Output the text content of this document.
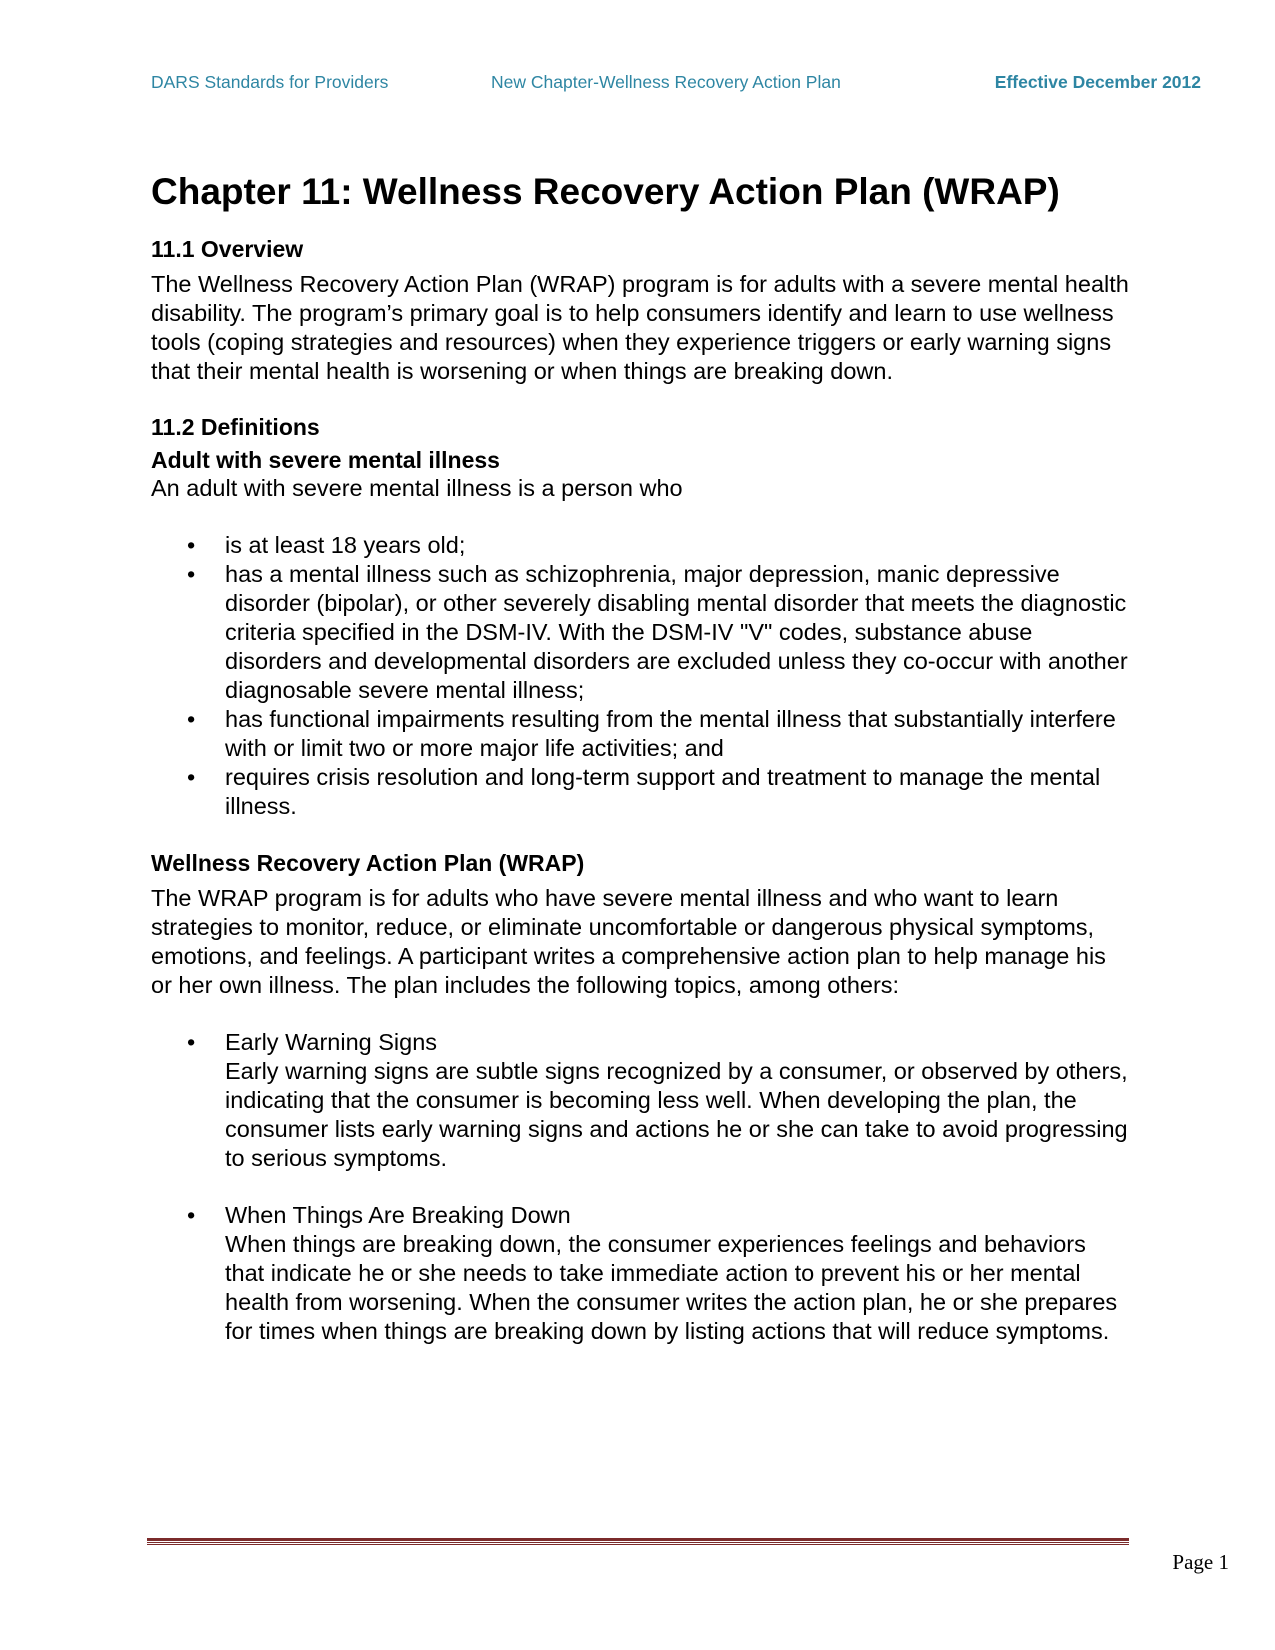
DARS Standards for Providers	New Chapter-Wellness Recovery Action Plan	Effective December 2012
Chapter 11: Wellness Recovery Action Plan (WRAP)
11.1 Overview

The Wellness Recovery Action Plan (WRAP) program is for adults with a severe mental health disability. The program’s primary goal is to help consumers identify and learn to use wellness tools (coping strategies and resources) when they experience triggers or early warning signs that their mental health is worsening or when things are breaking down.

11.2 Definitions
Adult with severe mental illness

An adult with severe mental illness is a person who

• is at least 18 years old;
• has a mental illness such as schizophrenia, major depression, manic depressive disorder (bipolar), or other severely disabling mental disorder that meets the diagnostic criteria specified in the DSM-IV. With the DSM-IV "V" codes, substance abuse disorders and developmental disorders are excluded unless they co-occur with another diagnosable severe mental illness;
• has functional impairments resulting from the mental illness that substantially interfere with or limit two or more major life activities; and
• requires crisis resolution and long-term support and treatment to manage the mental illness.
Wellness Recovery Action Plan (WRAP)

The WRAP program is for adults who have severe mental illness and who want to learn strategies to monitor, reduce, or eliminate uncomfortable or dangerous physical symptoms, emotions, and feelings. A participant writes a comprehensive action plan to help manage his or her own illness. The plan includes the following topics, among others:

• Early Warning Signs
Early warning signs are subtle signs recognized by a consumer, or observed by others, indicating that the consumer is becoming less well. When developing the plan, the consumer lists early warning signs and actions he or she can take to avoid progressing to serious symptoms.
• When Things Are Breaking Down
When things are breaking down, the consumer experiences feelings and behaviors that indicate he or she needs to take immediate action to prevent his or her mental health from worsening. When the consumer writes the action plan, he or she prepares for times when things are breaking down by listing actions that will reduce symptoms.
Page 1
